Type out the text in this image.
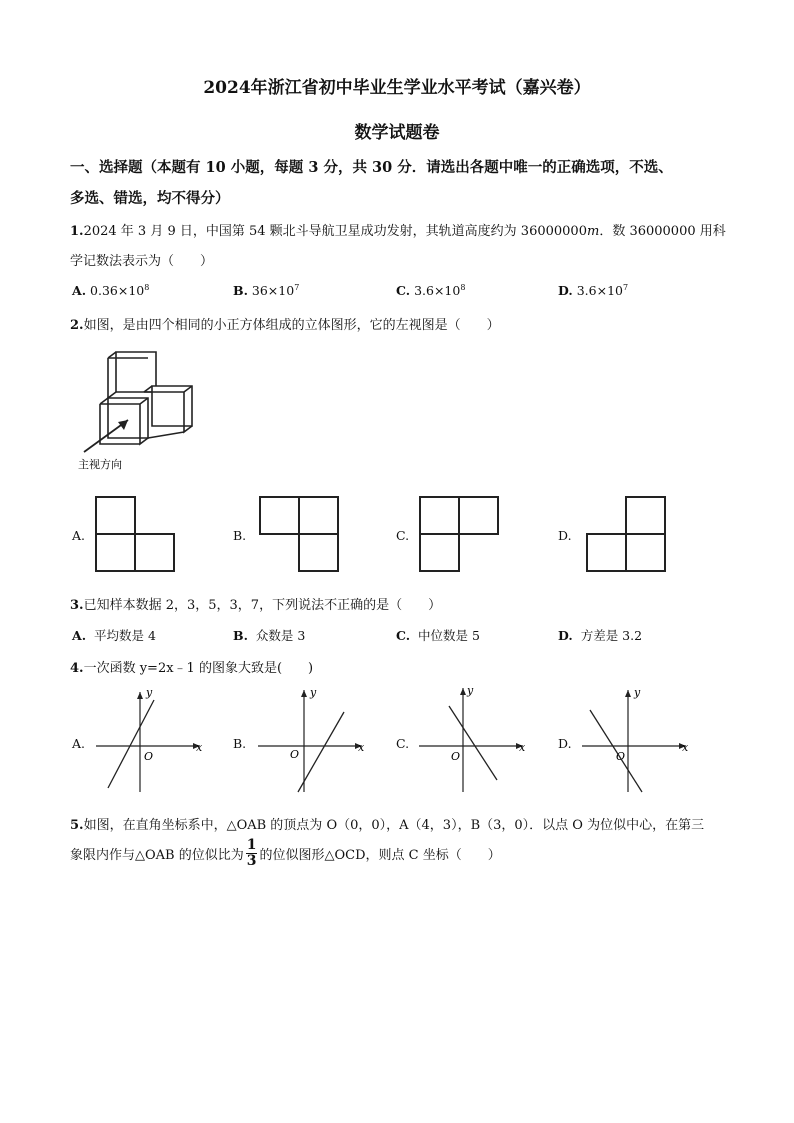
2024年浙江省初中毕业生学业水平考试（嘉兴卷）
数学试题卷
一、选择题（本题有 10 小题，每题 3 分，共 30 分．请选出各题中唯一的正确选项，不选、
多选、错选，均不得分）
1.2024 年 3 月 9 日，中国第 54 颗北斗导航卫星成功发射，其轨道高度约为 36000000m．数 36000000 用科
学记数法表示为（　　）
A. $0.36\times 10^8$	B. $36\times 10^7$	C. $3.6\times 10^8$	D. $3.6\times 10^7$
2.如图，是由四个相同的小正方体组成的立体图形，它的左视图是（　　）
主视方向
A.	B.	C.	D.
3.已知样本数据 2，3，5，3，7，下列说法不正确的是（　　）
A. 平均数是 4	B. 众数是 3	C. 中位数是 5	D. 方差是 3.2
4.一次函数 y=2x﹣1 的图象大致是(　　)
A.	x
y
O
B.	x
y
O
C.	x
y
O
D.	x
y
O
5.如图，在直角坐标系中，△OAB 的顶点为 O（0，0），A（4，3），B（3，0）．以点 O 为位似中心，在第三
象限内作与△OAB 的位似比为
1
3 的位似图形△OCD，则点 C 坐标（　　）
